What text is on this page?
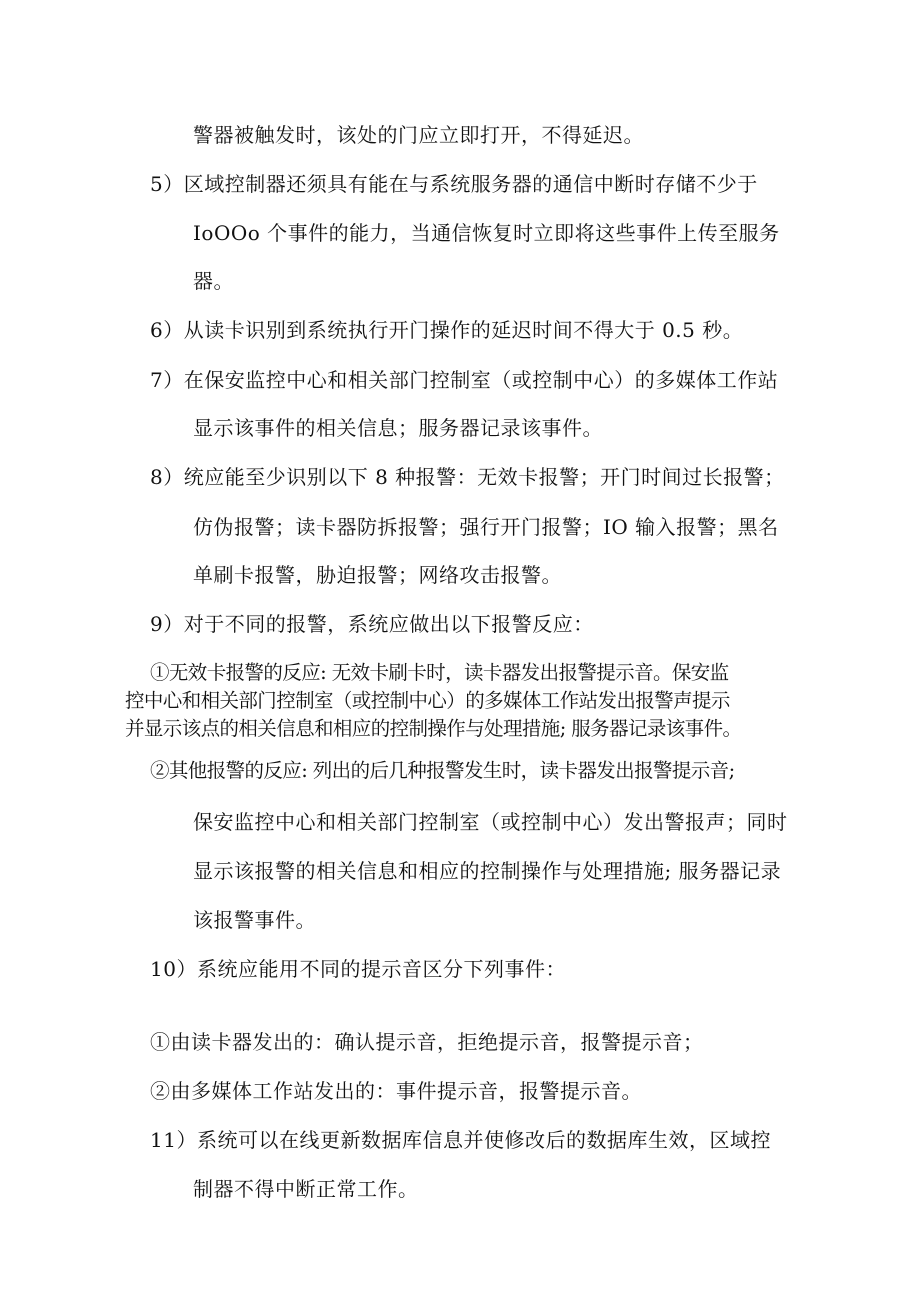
警器被触发时，该处的门应立即打开，不得延迟。
5）区域控制器还须具有能在与系统服务器的通信中断时存储不少于
IoOOo 个事件的能力，当通信恢复时立即将这些事件上传至服务
器。
6）从读卡识别到系统执行开门操作的延迟时间不得大于 0.5 秒。
7）在保安监控中心和相关部门控制室（或控制中心）的多媒体工作站
显示该事件的相关信息；服务器记录该事件。
8）统应能至少识别以下 8 种报警：无效卡报警；开门时间过长报警；
仿伪报警；读卡器防拆报警；强行开门报警；IO 输入报警；黑名
单刷卡报警，胁迫报警；网络攻击报警。
9）对于不同的报警，系统应做出以下报警反应：
①无效卡报警的反应: 无效卡刷卡时，读卡器发出报警提示音。保安监
控中心和相关部门控制室（或控制中心）的多媒体工作站发出报警声提示
并显示该点的相关信息和相应的控制操作与处理措施; 服务器记录该事件。
②其他报警的反应: 列出的后几种报警发生时，读卡器发出报警提示音;
保安监控中心和相关部门控制室（或控制中心）发出警报声；同时
显示该报警的相关信息和相应的控制操作与处理措施; 服务器记录
该报警事件。
10）系统应能用不同的提示音区分下列事件：
①由读卡器发出的：确认提示音，拒绝提示音，报警提示音；
②由多媒体工作站发出的：事件提示音，报警提示音。
11）系统可以在线更新数据库信息并使修改后的数据库生效，区域控
制器不得中断正常工作。
